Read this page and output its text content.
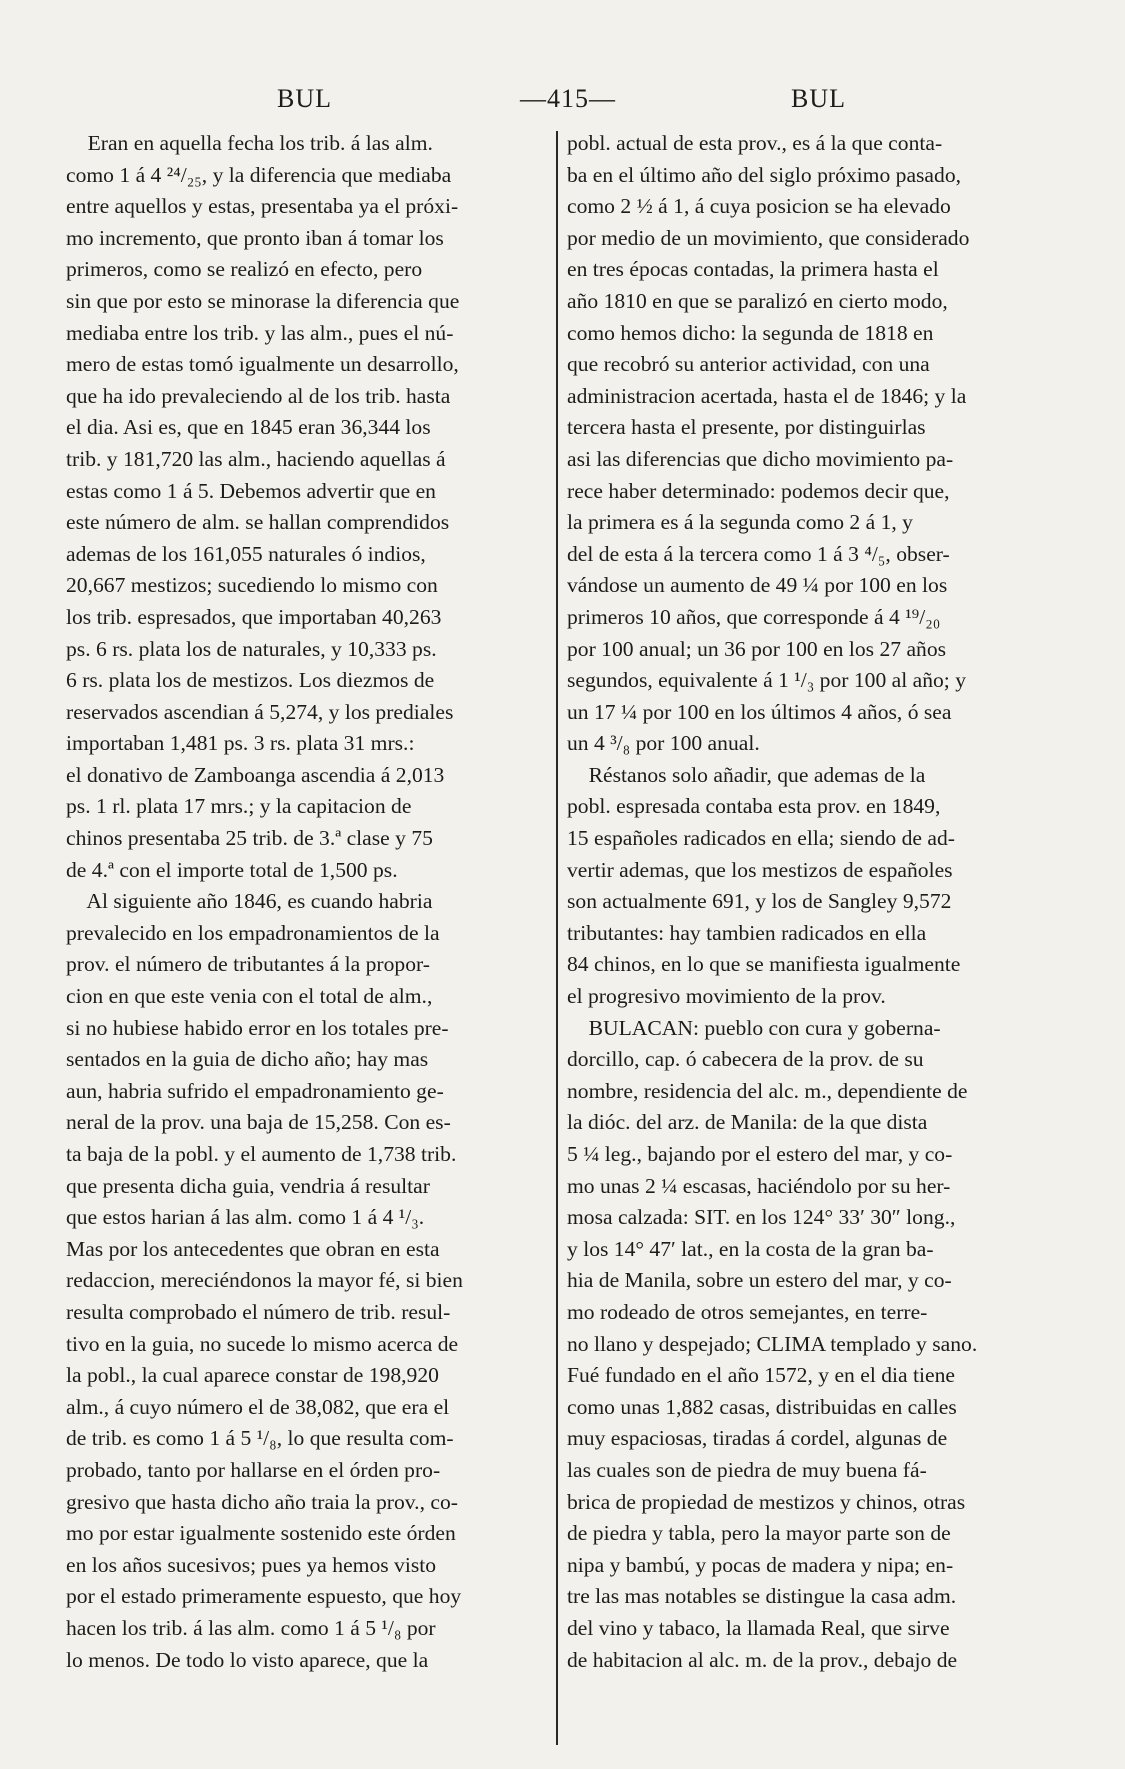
BUL	—415—	BUL
Eran en aquella fecha los trib. á las alm.
como 1 á 4 ²⁴/₂₅, y la diferencia que mediaba
entre aquellos y estas, presentaba ya el próxi-
mo incremento, que pronto iban á tomar los
primeros, como se realizó en efecto, pero
sin que por esto se minorase la diferencia que
mediaba entre los trib. y las alm., pues el nú-
mero de estas tomó igualmente un desarrollo,
que ha ido prevaleciendo al de los trib. hasta
el dia. Asi es, que en 1845 eran 36,344 los
trib. y 181,720 las alm., haciendo aquellas á
estas como 1 á 5. Debemos advertir que en
este número de alm. se hallan comprendidos
ademas de los 161,055 naturales ó indios,
20,667 mestizos; sucediendo lo mismo con
los trib. espresados, que importaban 40,263
ps. 6 rs. plata los de naturales, y 10,333 ps.
6 rs. plata los de mestizos. Los diezmos de
reservados ascendian á 5,274, y los prediales
importaban 1,481 ps. 3 rs. plata 31 mrs.:
el donativo de Zamboanga ascendia á 2,013
ps. 1 rl. plata 17 mrs.; y la capitacion de
chinos presentaba 25 trib. de 3.ª clase y 75
de 4.ª con el importe total de 1,500 ps.
Al siguiente año 1846, es cuando habria
prevalecido en los empadronamientos de la
prov. el número de tributantes á la propor-
cion en que este venia con el total de alm.,
si no hubiese habido error en los totales pre-
sentados en la guia de dicho año; hay mas
aun, habria sufrido el empadronamiento ge-
neral de la prov. una baja de 15,258. Con es-
ta baja de la pobl. y el aumento de 1,738 trib.
que presenta dicha guia, vendria á resultar
que estos harian á las alm. como 1 á 4 ¹/₃.
Mas por los antecedentes que obran en esta
redaccion, mereciéndonos la mayor fé, si bien
resulta comprobado el número de trib. resul-
tivo en la guia, no sucede lo mismo acerca de
la pobl., la cual aparece constar de 198,920
alm., á cuyo número el de 38,082, que era el
de trib. es como 1 á 5 ¹/₈, lo que resulta com-
probado, tanto por hallarse en el órden pro-
gresivo que hasta dicho año traia la prov., co-
mo por estar igualmente sostenido este órden
en los años sucesivos; pues ya hemos visto
por el estado primeramente espuesto, que hoy
hacen los trib. á las alm. como 1 á 5 ¹/₈ por
lo menos. De todo lo visto aparece, que la
pobl. actual de esta prov., es á la que conta-
ba en el último año del siglo próximo pasado,
como 2 ½ á 1, á cuya posicion se ha elevado
por medio de un movimiento, que considerado
en tres épocas contadas, la primera hasta el
año 1810 en que se paralizó en cierto modo,
como hemos dicho: la segunda de 1818 en
que recobró su anterior actividad, con una
administracion acertada, hasta el de 1846; y la
tercera hasta el presente, por distinguirlas
asi las diferencias que dicho movimiento pa-
rece haber determinado: podemos decir que,
la primera es á la segunda como 2 á 1, y
del de esta á la tercera como 1 á 3 ⁴/₅, obser-
vándose un aumento de 49 ¼ por 100 en los
primeros 10 años, que corresponde á 4 ¹⁹/₂₀
por 100 anual; un 36 por 100 en los 27 años
segundos, equivalente á 1 ¹/₃ por 100 al año; y
un 17 ¼ por 100 en los últimos 4 años, ó sea
un 4 ³/₈ por 100 anual.
Réstanos solo añadir, que ademas de la
pobl. espresada contaba esta prov. en 1849,
15 españoles radicados en ella; siendo de ad-
vertir ademas, que los mestizos de españoles
son actualmente 691, y los de Sangley 9,572
tributantes: hay tambien radicados en ella
84 chinos, en lo que se manifiesta igualmente
el progresivo movimiento de la prov.
BULACAN: pueblo con cura y goberna-
dorcillo, cap. ó cabecera de la prov. de su
nombre, residencia del alc. m., dependiente de
la dióc. del arz. de Manila: de la que dista
5 ¼ leg., bajando por el estero del mar, y co-
mo unas 2 ¼ escasas, haciéndolo por su her-
mosa calzada: SIT. en los 124° 33′ 30″ long.,
y los 14° 47′ lat., en la costa de la gran ba-
hia de Manila, sobre un estero del mar, y co-
mo rodeado de otros semejantes, en terre-
no llano y despejado; CLIMA templado y sano.
Fué fundado en el año 1572, y en el dia tiene
como unas 1,882 casas, distribuidas en calles
muy espaciosas, tiradas á cordel, algunas de
las cuales son de piedra de muy buena fá-
brica de propiedad de mestizos y chinos, otras
de piedra y tabla, pero la mayor parte son de
nipa y bambú, y pocas de madera y nipa; en-
tre las mas notables se distingue la casa adm.
del vino y tabaco, la llamada Real, que sirve
de habitacion al alc. m. de la prov., debajo de
